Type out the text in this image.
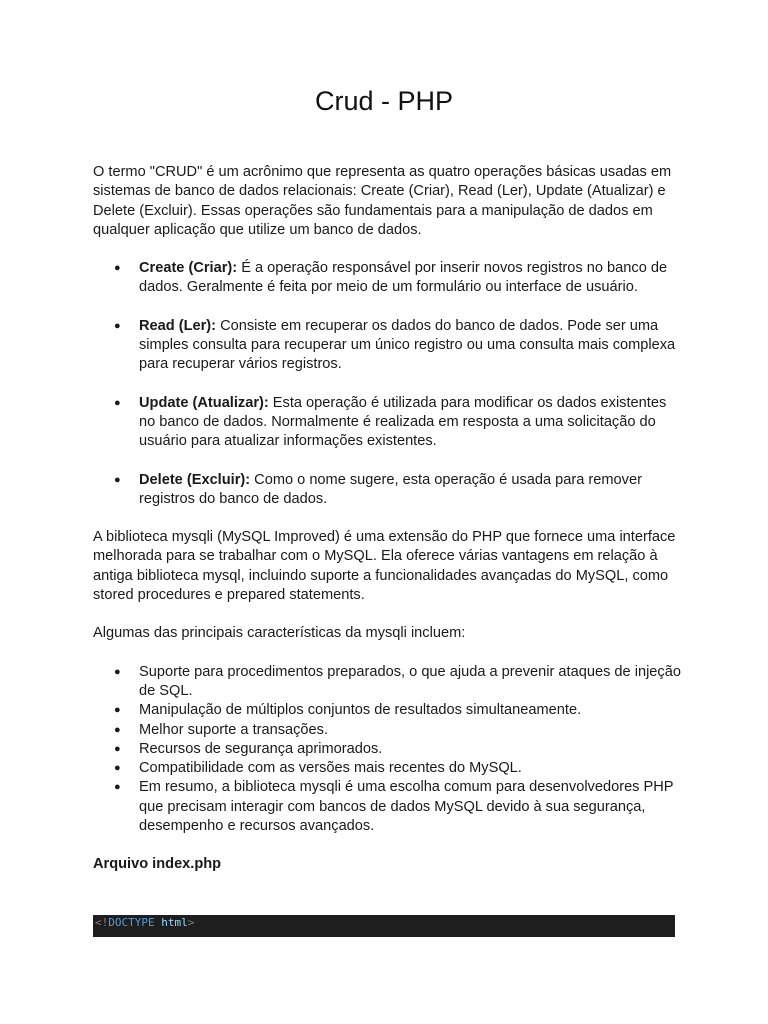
Crud - PHP

O termo "CRUD" é um acrônimo que representa as quatro operações básicas usadas em sistemas de banco de dados relacionais: Create (Criar), Read (Ler), Update (Atualizar) e Delete (Excluir). Essas operações são fundamentais para a manipulação de dados em qualquer aplicação que utilize um banco de dados.

● Create (Criar): É a operação responsável por inserir novos registros no banco de dados. Geralmente é feita por meio de um formulário ou interface de usuário.
● Read (Ler): Consiste em recuperar os dados do banco de dados. Pode ser uma simples consulta para recuperar um único registro ou uma consulta mais complexa para recuperar vários registros.
● Update (Atualizar): Esta operação é utilizada para modificar os dados existentes no banco de dados. Normalmente é realizada em resposta a uma solicitação do usuário para atualizar informações existentes.
● Delete (Excluir): Como o nome sugere, esta operação é usada para remover registros do banco de dados.

A biblioteca mysqli (MySQL Improved) é uma extensão do PHP que fornece uma interface melhorada para se trabalhar com o MySQL. Ela oferece várias vantagens em relação à antiga biblioteca mysql, incluindo suporte a funcionalidades avançadas do MySQL, como stored procedures e prepared statements.

Algumas das principais características da mysqli incluem:

● Suporte para procedimentos preparados, o que ajuda a prevenir ataques de injeção de SQL.
● Manipulação de múltiplos conjuntos de resultados simultaneamente.
● Melhor suporte a transações.
● Recursos de segurança aprimorados.
● Compatibilidade com as versões mais recentes do MySQL.
● Em resumo, a biblioteca mysqli é uma escolha comum para desenvolvedores PHP que precisam interagir com bancos de dados MySQL devido à sua segurança, desempenho e recursos avançados.

Arquivo index.php

<!DOCTYPE html>
